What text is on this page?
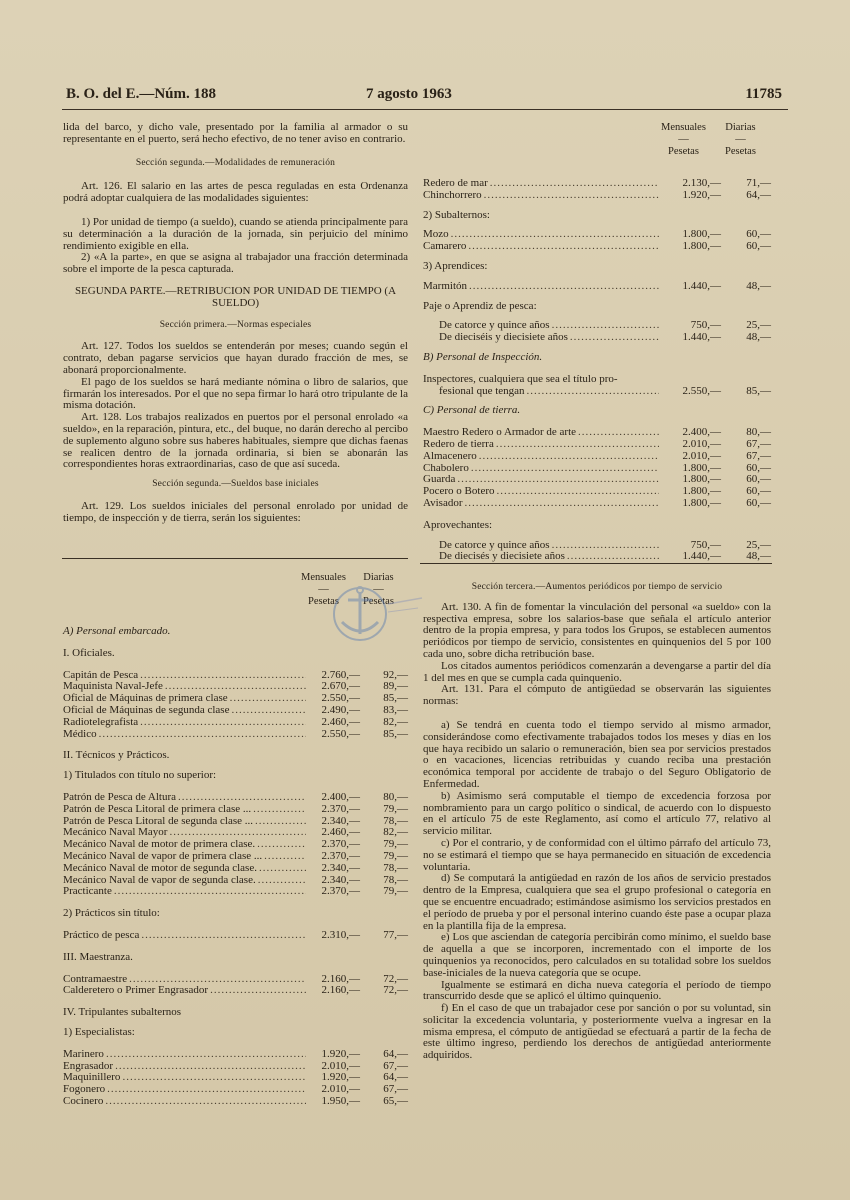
B. O. del E.—Núm. 188	7 agosto 1963	11785

lida del barco, y dicho vale, presentado por la familia al armador o su representante en el puerto, será hecho efectivo, de no tener aviso en contrario.

Sección segunda.—Modalidades de remuneración

Art. 126. El salario en las artes de pesca reguladas en esta Ordenanza podrá adoptar cualquiera de las modalidades siguientes:

1) Por unidad de tiempo (a sueldo), cuando se atienda principalmente para su determinación a la duración de la jornada, sin perjuicio del mínimo rendimiento exigible en ella.

2) «A la parte», en que se asigna al trabajador una fracción determinada sobre el importe de la pesca capturada.

SEGUNDA PARTE.—RETRIBUCION POR UNIDAD DE TIEMPO (A SUELDO)

Sección primera.—Normas especiales

Art. 127. Todos los sueldos se entenderán por meses; cuando según el contrato, deban pagarse servicios que hayan durado fracción de mes, se abonará proporcionalmente.

El pago de los sueldos se hará mediante nómina o libro de salarios, que firmarán los interesados. Por el que no sepa firmar lo hará otro tripulante de la misma dotación.

Art. 128. Los trabajos realizados en puertos por el personal enrolado «a sueldo», en la reparación, pintura, etc., del buque, no darán derecho al percibo de suplemento alguno sobre sus haberes habituales, siempre que dichas faenas se realicen dentro de la jornada ordinaria, si bien se abonarán las correspondientes horas extraordinarias, caso de que así suceda.

Sección segunda.—Sueldos base iniciales

Art. 129. Los sueldos iniciales del personal enrolado por unidad de tiempo, de inspección y de tierra, serán los siguientes:

Mensuales
—
Pesetas
Diarias
—
Pesetas
A) Personal embarcado.
I. Oficiales.
Capitán de Pesca .....	2.760,—	92,—
Maquinista Naval-Jefe .....	2.670,—	89,—
Oficial de Máquinas de primera clase .....	2.550,—	85,—
Oficial de Máquinas de segunda clase .....	2.490,—	83,—
Radiotelegrafista .....	2.460,—	82,—
Médico .....	2.550,—	85,—
II. Técnicos y Prácticos.
1) Titulados con título no superior:
Patrón de Pesca de Altura .....	2.400,—	80,—
Patrón de Pesca Litoral de primera clase ... .....	2.370,—	79,—
Patrón de Pesca Litoral de segunda clase ... .....	2.340,—	78,—
Mecánico Naval Mayor .....	2.460,—	82,—
Mecánico Naval de motor de primera clase. .....	2.370,—	79,—
Mecánico Naval de vapor de primera clase ... .....	2.370,—	79,—
Mecánico Naval de motor de segunda clase. .....	2.340,—	78,—
Mecánico Naval de vapor de segunda clase. .....	2.340,—	78,—
Practicante .....	2.370,—	79,—
2) Prácticos sin título:
Práctico de pesca .....	2.310,—	77,—
III. Maestranza.
Contramaestre .....	2.160,—	72,—
Calderetero o Primer Engrasador .....	2.160,—	72,—
IV. Tripulantes subalternos
1) Especialistas:
Marinero .....	1.920,—	64,—
Engrasador .....	2.010,—	67,—
Maquinillero .....	1.920,—	64,—
Fogonero .....	2.010,—	67,—
Cocinero .....	1.950,—	65,—
Mensuales
—
Pesetas
Diarias
—
Pesetas
Redero de mar .....	2.130,—	71,—
Chinchorrero .....	1.920,—	64,—
2) Subalternos:
Mozo .....	1.800,—	60,—
Camarero .....	1.800,—	60,—
3) Aprendices:
Marmitón .....	1.440,—	48,—
Paje o Aprendiz de pesca:
De catorce y quince años .....	750,—	25,—
De dieciséis y diecisiete años .....	1.440,—	48,—
B) Personal de Inspección.
Inspectores, cualquiera que sea el título pro-
fesional que tengan .....	2.550,—	85,—
C) Personal de tierra.
Maestro Redero o Armador de arte .....	2.400,—	80,—
Redero de tierra .....	2.010,—	67,—
Almacenero .....	2.010,—	67,—
Chabolero .....	1.800,—	60,—
Guarda .....	1.800,—	60,—
Pocero o Botero .....	1.800,—	60,—
Avisador .....	1.800,—	60,—
Aprovechantes:
De catorce y quince años .....	750,—	25,—
De diecisés y diecisiete años .....	1.440,—	48,—

Sección tercera.—Aumentos periódicos por tiempo de servicio

Art. 130. A fin de fomentar la vinculación del personal «a sueldo» con la respectiva empresa, sobre los salarios-base que señala el artículo anterior dentro de la propia empresa, y para todos los Grupos, se establecen aumentos periódicos por tiempo de servicio, consistentes en quinquenios del 5 por 100 cada uno, sobre dicha retribución base.

Los citados aumentos periódicos comenzarán a devengarse a partir del día 1 del mes en que se cumpla cada quinquenio.

Art. 131. Para el cómputo de antigüedad se observarán las siguientes normas:

a) Se tendrá en cuenta todo el tiempo servido al mismo armador, considerándose como efectivamente trabajados todos los meses y días en los que haya recibido un salario o remuneración, bien sea por servicios prestados o en vacaciones, licencias retribuidas y cuando reciba una prestación económica temporal por accidente de trabajo o del Seguro Obligatorio de Enfermedad.

b) Asimismo será computable el tiempo de excedencia forzosa por nombramiento para un cargo político o sindical, de acuerdo con lo dispuesto en el artículo 75 de este Reglamento, así como el artículo 77, relativo al servicio militar.

c) Por el contrario, y de conformidad con el último párrafo del artículo 73, no se estimará el tiempo que se haya permanecido en situación de excedencia voluntaria.

d) Se computará la antigüedad en razón de los años de servicio prestados dentro de la Empresa, cualquiera que sea el grupo profesional o categoría en que se encuentre encuadrado; estimándose asimismo los servicios prestados en el período de prueba y por el personal interino cuando éste pase a ocupar plaza en la plantilla fija de la empresa.

e) Los que asciendan de categoría percibirán como mínimo, el sueldo base de aquella a que se incorporen, incrementado con el importe de los quinquenios ya reconocidos, pero calculados en su totalidad sobre los sueldos base-iniciales de la nueva categoría que se ocupe.

Igualmente se estimará en dicha nueva categoría el período de tiempo transcurrido desde que se aplicó el último quinquenio.

f) En el caso de que un trabajador cese por sanción o por su voluntad, sin solicitar la excedencia voluntaria, y posteriormente vuelva a ingresar en la misma empresa, el cómputo de antigüedad se efectuará a partir de la fecha de este último ingreso, perdiendo los derechos de antigüedad anteriormente adquiridos.
